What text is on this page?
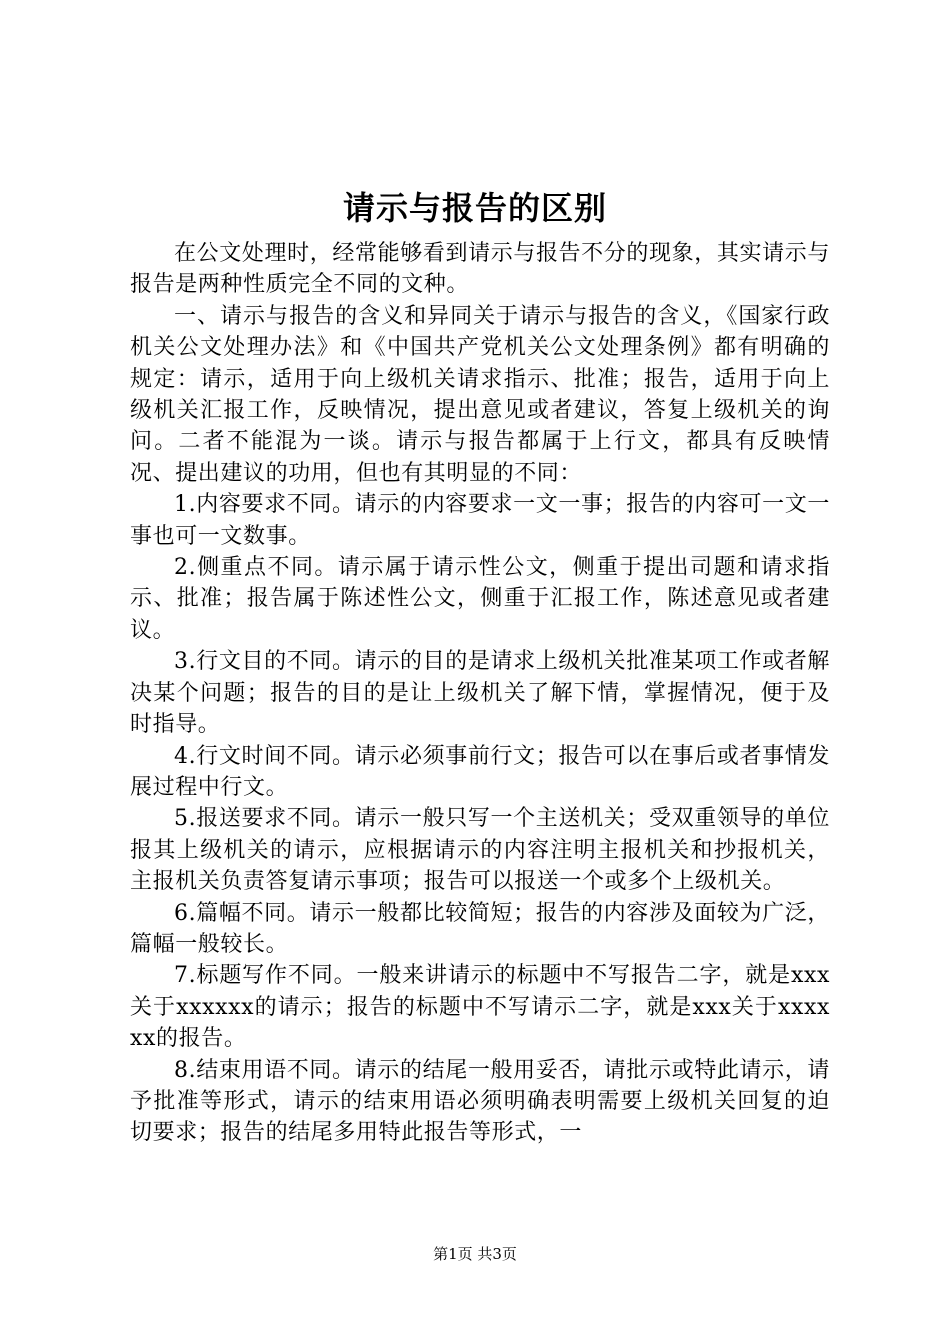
请示与报告的区别

在公文处理时，经常能够看到请示与报告不分的现象，其实请示与报告是两种性质完全不同的文种。

一、请示与报告的含义和异同关于请示与报告的含义，《国家行政机关公文处理办法》和《中国共产党机关公文处理条例》都有明确的规定：请示，适用于向上级机关请求指示、批准；报告，适用于向上级机关汇报工作，反映情况，提出意见或者建议，答复上级机关的询问。二者不能混为一谈。请示与报告都属于上行文，都具有反映情况、提出建议的功用，但也有其明显的不同：

1.内容要求不同。请示的内容要求一文一事；报告的内容可一文一事也可一文数事。

2.侧重点不同。请示属于请示性公文，侧重于提出司题和请求指示、批准；报告属于陈述性公文，侧重于汇报工作，陈述意见或者建议。

3.行文目的不同。请示的目的是请求上级机关批准某项工作或者解决某个问题；报告的目的是让上级机关了解下情，掌握情况，便于及时指导。

4.行文时间不同。请示必须事前行文；报告可以在事后或者事情发展过程中行文。

5.报送要求不同。请示一般只写一个主送机关；受双重领导的单位报其上级机关的请示，应根据请示的内容注明主报机关和抄报机关，主报机关负责答复请示事项；报告可以报送一个或多个上级机关。

6.篇幅不同。请示一般都比较简短；报告的内容涉及面较为广泛，篇幅一般较长。

7.标题写作不同。一般来讲请示的标题中不写报告二字，就是xxx关于xxxxxx的请示；报告的标题中不写请示二字，就是xxx关于xxxxxx的报告。

8.结束用语不同。请示的结尾一般用妥否，请批示或特此请示，请予批准等形式，请示的结束用语必须明确表明需要上级机关回复的迫切要求；报告的结尾多用特此报告等形式，一

第1页 共3页
